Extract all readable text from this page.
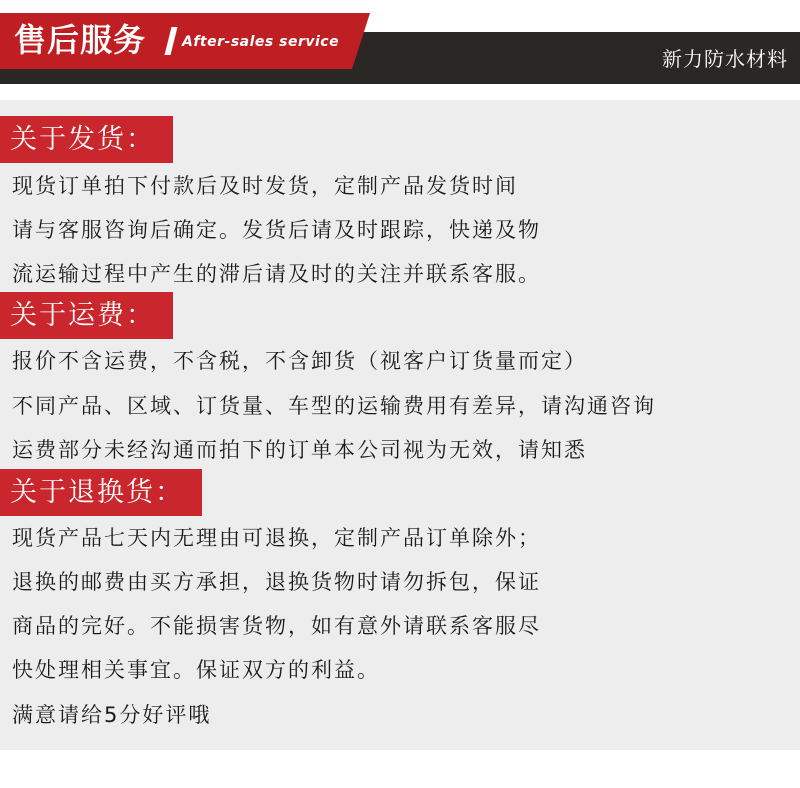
售后服务	After-sales service
新力防水材料
关于发货：
现货订单拍下付款后及时发货，定制产品发货时间
请与客服咨询后确定。发货后请及时跟踪，快递及物
流运输过程中产生的滞后请及时的关注并联系客服。
关于运费：
报价不含运费，不含税，不含卸货（视客户订货量而定）
不同产品、区域、订货量、车型的运输费用有差异，请沟通咨询
运费部分未经沟通而拍下的订单本公司视为无效，请知悉
关于退换货：
现货产品七天内无理由可退换，定制产品订单除外；
退换的邮费由买方承担，退换货物时请勿拆包，保证
商品的完好。不能损害货物，如有意外请联系客服尽
快处理相关事宜。保证双方的利益。
满意请给5分好评哦
